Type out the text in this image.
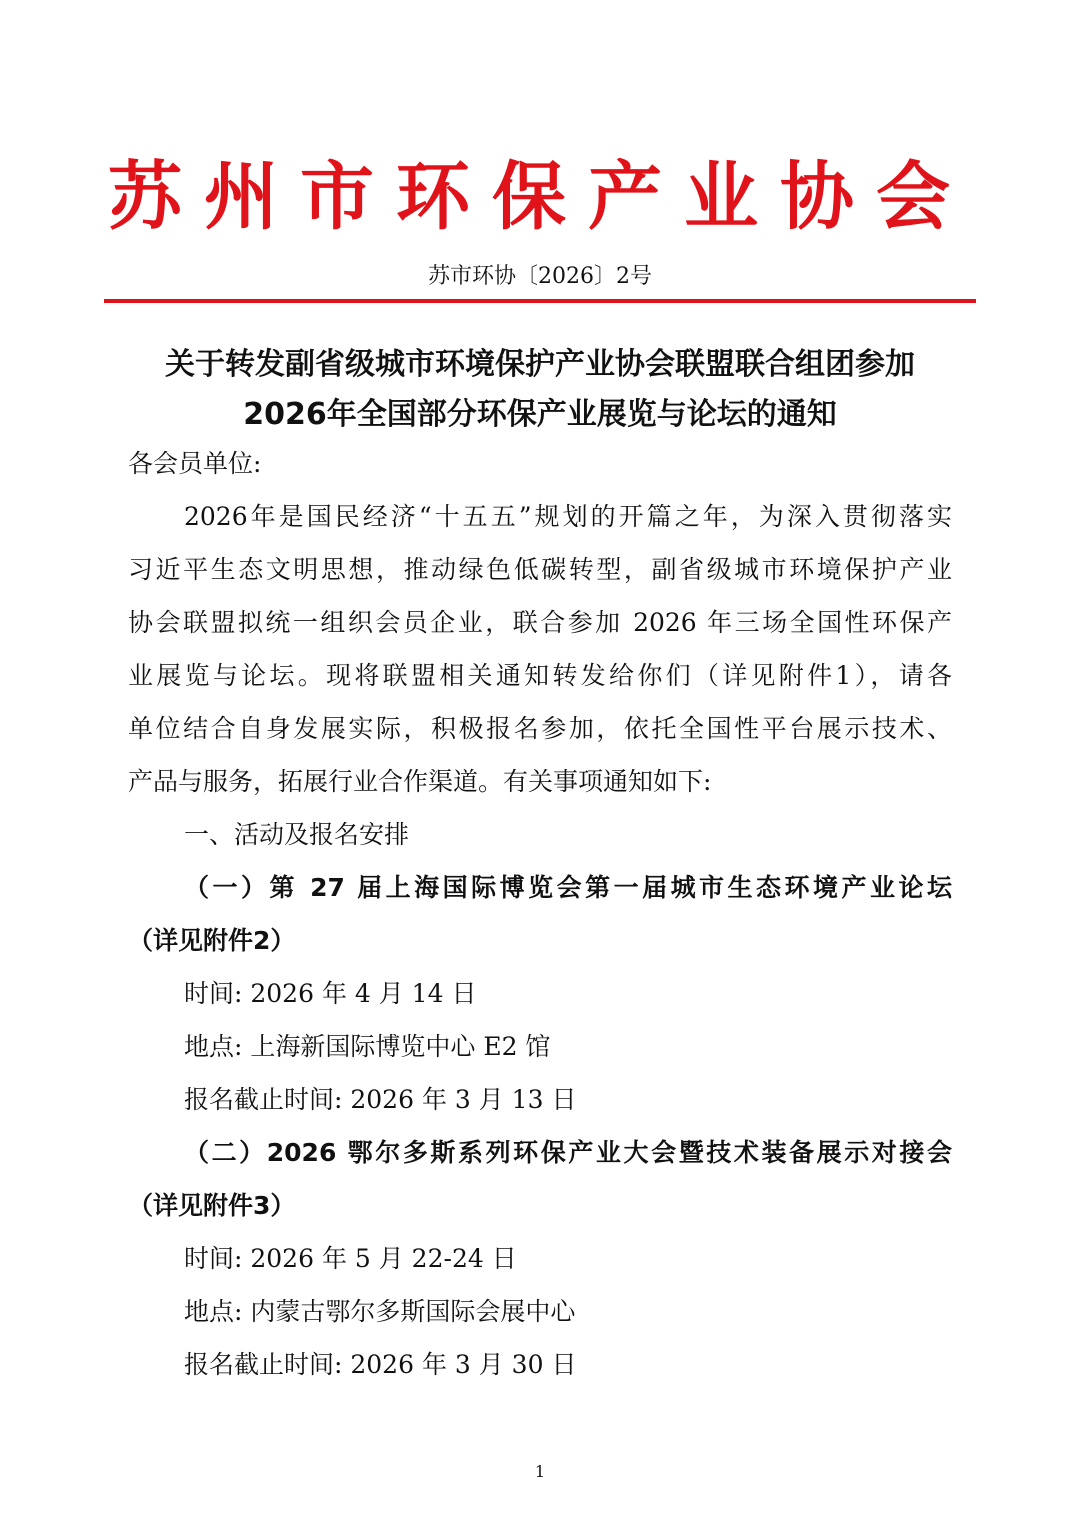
苏州市环保产业协会
苏市环协〔2026〕2号
关于转发副省级城市环境保护产业协会联盟联合组团参加
2026年全国部分环保产业展览与论坛的通知
各会员单位:
2026年是国民经济“十五五”规划的开篇之年，为深入贯彻落实
习近平生态文明思想，推动绿色低碳转型，副省级城市环境保护产业
协会联盟拟统一组织会员企业，联合参加 2026 年三场全国性环保产
业展览与论坛。现将联盟相关通知转发给你们（详见附件1），请各
单位结合自身发展实际，积极报名参加，依托全国性平台展示技术、
产品与服务，拓展行业合作渠道。有关事项通知如下:
一、活动及报名安排
（一）第 27 届上海国际博览会第一届城市生态环境产业论坛
（详见附件2）
时间: 2026 年 4 月 14 日
地点: 上海新国际博览中心 E2 馆
报名截止时间: 2026 年 3 月 13 日
（二）2026 鄂尔多斯系列环保产业大会暨技术装备展示对接会
（详见附件3）
时间: 2026 年 5 月 22-24 日
地点: 内蒙古鄂尔多斯国际会展中心
报名截止时间: 2026 年 3 月 30 日
1
